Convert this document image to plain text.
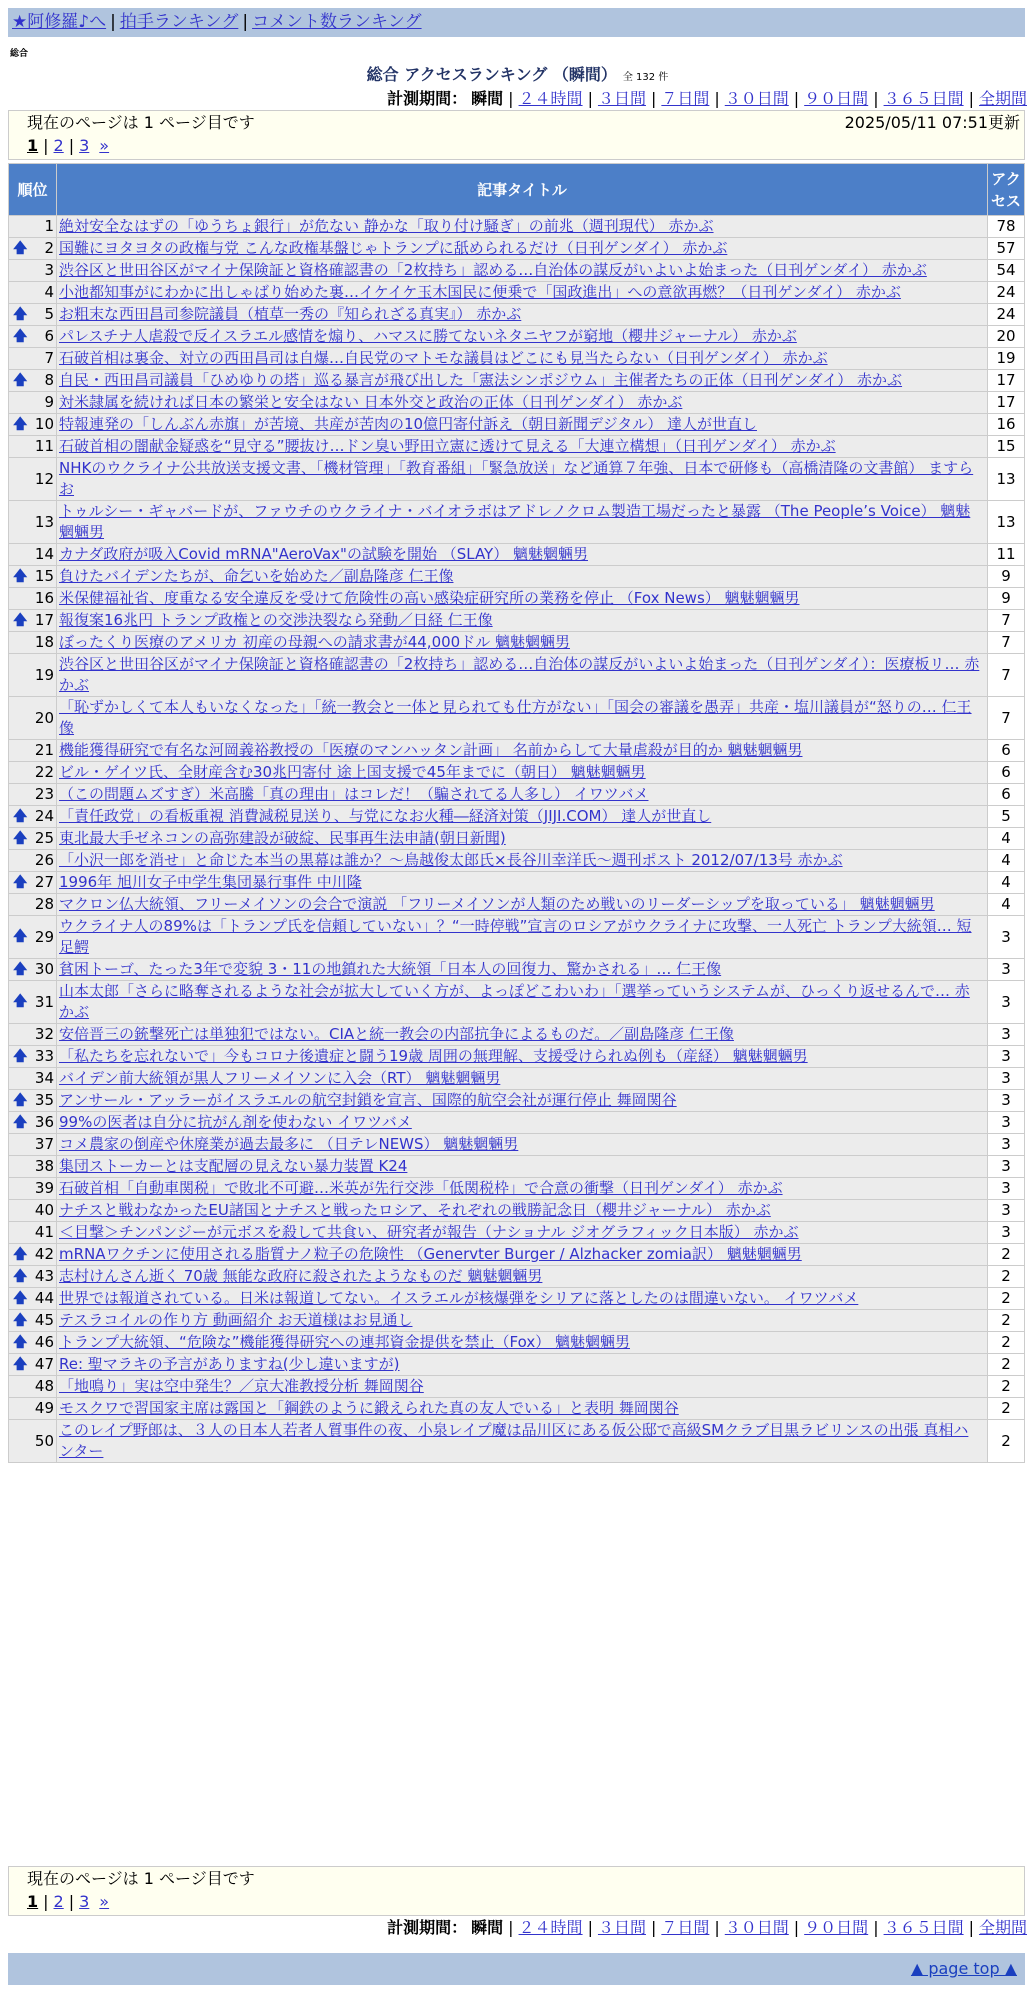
★阿修羅♪へ | 拍手ランキング | コメント数ランキング
総合
総合 アクセスランキング （瞬間） 全 132 件
計測期間： 瞬間 | ２４時間 | ３日間 | ７日間 | ３０日間 | ９０日間 | ３６５日間 | 全期間
現在のページは 1 ページ目です	2025/05/11 07:51更新
1 | 2 | 3 »
順位	記事タイトル	アクセス
1	絶対安全なはずの「ゆうちょ銀行」が危ない 静かな「取り付け騒ぎ」の前兆（週刊現代） 赤かぶ	78

🡅 2	国難にヨタヨタの政権与党 こんな政権基盤じゃトランプに舐められるだけ（日刊ゲンダイ） 赤かぶ	57
3	渋谷区と世田谷区がマイナ保険証と資格確認書の「2枚持ち」認める…自治体の謀反がいよいよ始まった（日刊ゲンダイ） 赤かぶ	54
4	小池都知事がにわかに出しゃばり始めた裏…イケイケ玉木国民に便乗で「国政進出」への意欲再燃？（日刊ゲンダイ） 赤かぶ	24

🡅 5	お粗末な西田昌司参院議員（植草一秀の『知られざる真実』） 赤かぶ	24

🡅 6	パレスチナ人虐殺で反イスラエル感情を煽り、ハマスに勝てないネタニヤフが窮地（櫻井ジャーナル） 赤かぶ	20
7	石破首相は裏金、対立の西田昌司は自爆…自民党のマトモな議員はどこにも見当たらない（日刊ゲンダイ） 赤かぶ	19

🡅 8	自民・西田昌司議員「ひめゆりの塔」巡る暴言が飛び出した「憲法シンポジウム」主催者たちの正体（日刊ゲンダイ） 赤かぶ	17
9	対米隷属を続ければ日本の繁栄と安全はない 日本外交と政治の正体（日刊ゲンダイ） 赤かぶ	17

🡅 10	特報連発の「しんぶん赤旗」が苦境、共産が苦肉の10億円寄付訴え（朝日新聞デジタル） 達人が世直し	16
11	石破首相の闇献金疑惑を“見守る”腰抜け…ドン臭い野田立憲に透けて見える「大連立構想」（日刊ゲンダイ） 赤かぶ	15
12	NHKのウクライナ公共放送支援文書、「機材管理」「教育番組」「緊急放送」など通算７年強、日本で研修も（高橋清隆の文書館） ますらお	13
13	トゥルシー・ギャバードが、ファウチのウクライナ・バイオラボはアドレノクロム製造工場だったと暴露 （The People’s Voice） 魑魅魍魎男	13
14	カナダ政府が吸入Covid mRNA"AeroVax"の試験を開始 （SLAY） 魑魅魍魎男	11

🡅 15	負けたバイデンたちが、命乞いを始めた／副島隆彦 仁王像	9
16	米保健福祉省、度重なる安全違反を受けて危険性の高い感染症研究所の業務を停止 （Fox News） 魑魅魍魎男	9

🡅 17	報復案16兆円 トランプ政権との交渉決裂なら発動／日経 仁王像	7
18	ぼったくり医療のアメリカ 初産の母親への請求書が44,000ドル 魑魅魍魎男	7
19	渋谷区と世田谷区がマイナ保険証と資格確認書の「2枚持ち」認める…自治体の謀反がいよいよ始まった（日刊ゲンダイ）：医療板リ… 赤かぶ	7
20	「恥ずかしくて本人もいなくなった」「統一教会と一体と見られても仕方がない」「国会の審議を愚弄」共産・塩川議員が“怒りの… 仁王像	7
21	機能獲得研究で有名な河岡義裕教授の「医療のマンハッタン計画」 名前からして大量虐殺が目的か 魑魅魍魎男	6
22	ビル・ゲイツ氏、全財産含む30兆円寄付 途上国支援で45年までに（朝日） 魑魅魍魎男	6
23	（この問題ムズすぎ）米高騰「真の理由」はコレだ！（騙されてる人多し） イワツバメ	6

🡅 24	「責任政党」の看板重視 消費減税見送り、与党になお火種―経済対策（JIJI.COM） 達人が世直し	5

🡅 25	東北最大手ゼネコンの高弥建設が破綻、民事再生法申請(朝日新聞)	4
26	「小沢一郎を消せ」と命じた本当の黒幕は誰か？～鳥越俊太郎氏×長谷川幸洋氏～週刊ポスト 2012/07/13号 赤かぶ	4

🡅 27	1996年 旭川女子中学生集団暴行事件 中川隆	4
28	マクロン仏大統領、フリーメイソンの会合で演説 「フリーメイソンが人類のため戦いのリーダーシップを取っている」 魑魅魍魎男	4

🡅 29	ウクライナ人の89%は「トランプ氏を信頼していない」？“一時停戦”宣言のロシアがウクライナに攻撃、一人死亡 トランプ大統領… 短足鰐	3

🡅 30	貧困トーゴ、たった3年で変貌 3・11の地鎮れた大統領「日本人の回復力、驚かされる」… 仁王像	3

🡅 31	山本太郎「さらに略奪されるような社会が拡大していく方が、よっぽどこわいわ」「選挙っていうシステムが、ひっくり返せるんで… 赤かぶ	3
32	安倍晋三の銃撃死亡は単独犯ではない。CIAと統一教会の内部抗争によるものだ。／副島隆彦 仁王像	3

🡅 33	「私たちを忘れないで」今もコロナ後遺症と闘う19歳 周囲の無理解、支援受けられぬ例も（産経） 魑魅魍魎男	3
34	バイデン前大統領が黒人フリーメイソンに入会（RT） 魑魅魍魎男	3

🡅 35	アンサール・アッラーがイスラエルの航空封鎖を宣言、国際的航空会社が運行停止 舞岡関谷	3

🡅 36	99%の医者は自分に抗がん剤を使わない イワツバメ	3
37	コメ農家の倒産や休廃業が過去最多に （日テレNEWS） 魑魅魍魎男	3
38	集団ストーカーとは支配層の見えない暴力装置 K24	3
39	石破首相「自動車関税」で敗北不可避…米英が先行交渉「低関税枠」で合意の衝撃（日刊ゲンダイ） 赤かぶ	3
40	ナチスと戦わなかったEU諸国とナチスと戦ったロシア、それぞれの戦勝記念日（櫻井ジャーナル） 赤かぶ	3
41	＜目撃＞チンパンジーが元ボスを殺して共食い、研究者が報告（ナショナル ジオグラフィック日本版） 赤かぶ	3

🡅 42	mRNAワクチンに使用される脂質ナノ粒子の危険性 （Genervter Burger / Alzhacker zomia訳） 魑魅魍魎男	2

🡅 43	志村けんさん逝く 70歳 無能な政府に殺されたようなものだ 魑魅魍魎男	2

🡅 44	世界では報道されている。日米は報道してない。イスラエルが核爆弾をシリアに落としたのは間違いない。 イワツバメ	2

🡅 45	テスラコイルの作り方 動画紹介 お天道様はお見通し	2

🡅 46	トランプ大統領、“危険な”機能獲得研究への連邦資金提供を禁止（Fox） 魑魅魍魎男	2

🡅 47	Re: 聖マラキの予言がありますね(少し違いますが)	2
48	「地鳴り」実は空中発生？／京大准教授分析 舞岡関谷	2
49	モスクワで習国家主席は露国と「鋼鉄のように鍛えられた真の友人でいる」と表明 舞岡関谷	2
50	このレイプ野郎は、３人の日本人若者人質事件の夜、小泉レイプ魔は品川区にある仮公邸で高級SMクラブ目黒ラビリンスの出張 真相ハンター	2
現在のページは 1 ページ目です
1 | 2 | 3 »
計測期間： 瞬間 | ２４時間 | ３日間 | ７日間 | ３０日間 | ９０日間 | ３６５日間 | 全期間
▲ page top ▲
